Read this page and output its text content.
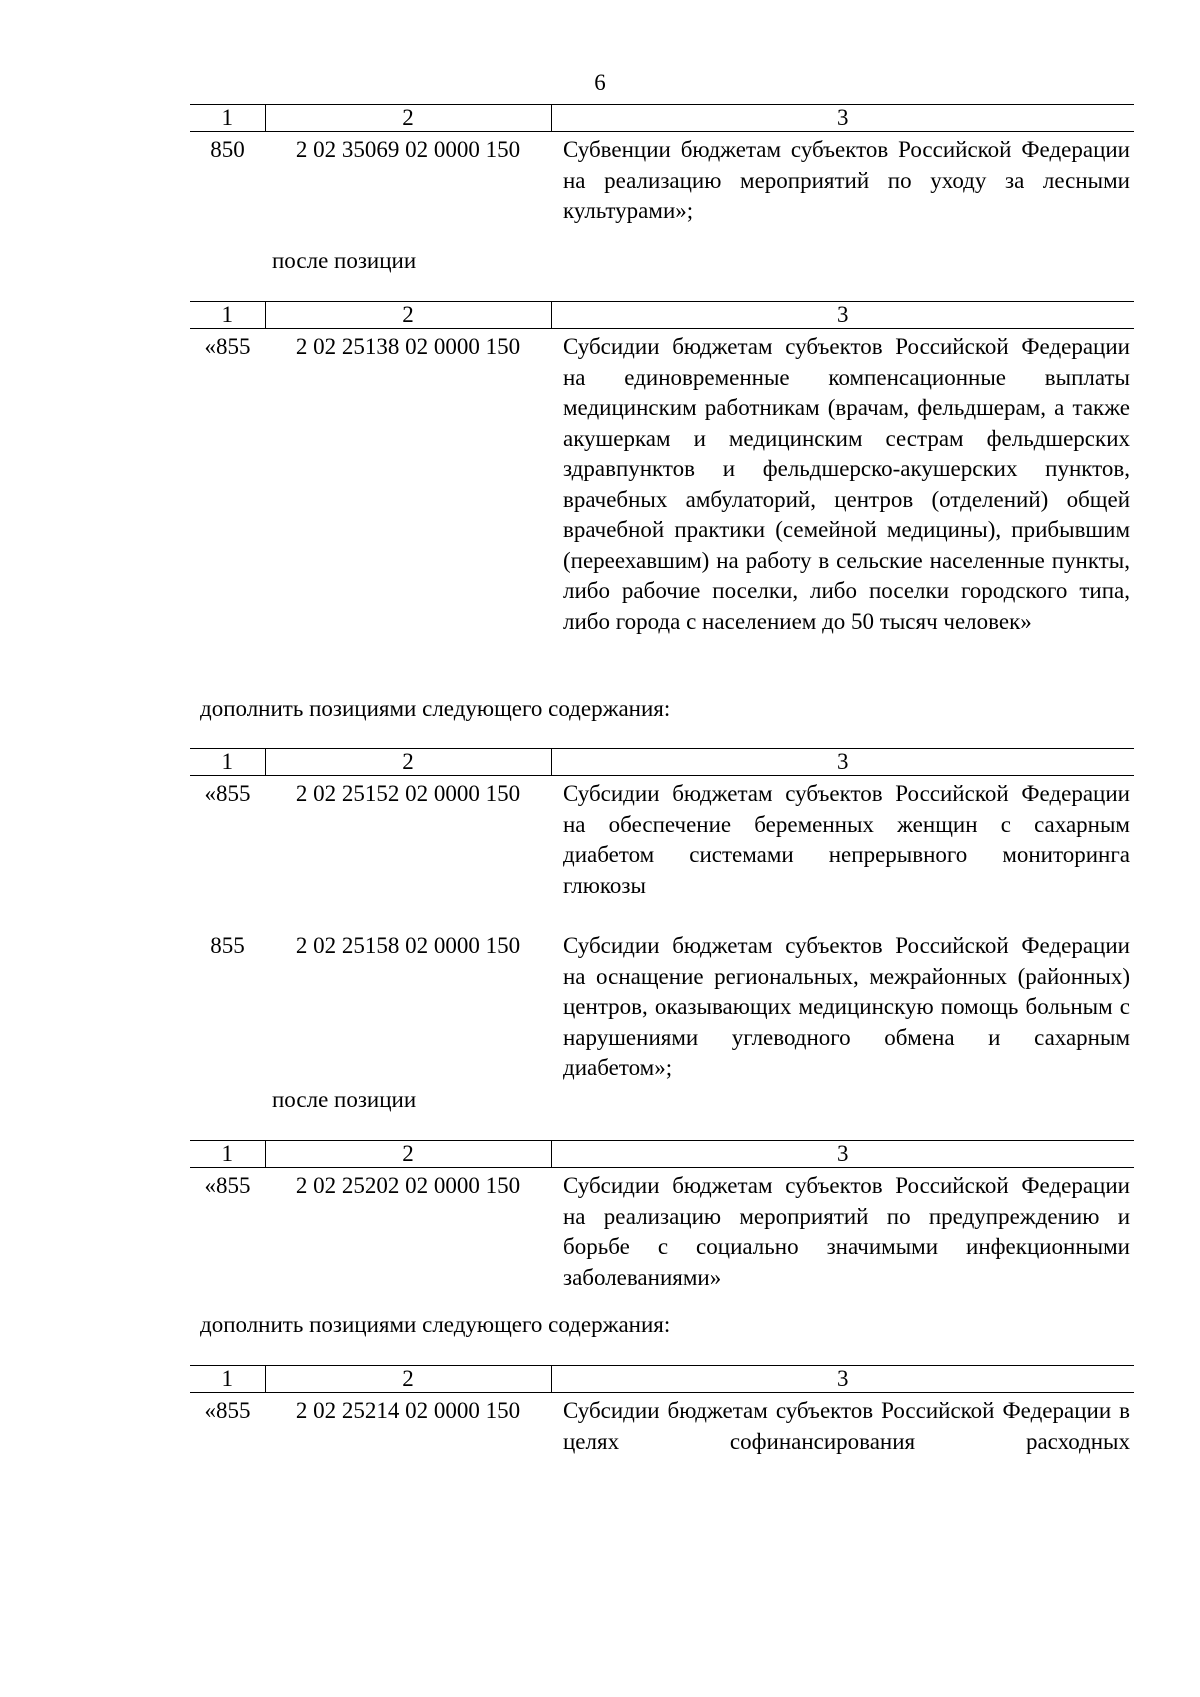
6
1	2	3
850	2 02 35069 02 0000 150	Субвенции бюджетам субъектов Российской Федерации на реализацию мероприятий по уходу за лесными культурами»;
после позиции
1	2	3
«855	2 02 25138 02 0000 150	Субсидии бюджетам субъектов Российской Федерации на единовременные компенсационные выплаты медицинским работникам (врачам, фельдшерам, а также акушеркам и медицинским сестрам фельдшерских здравпунктов и фельдшерско-акушерских пунктов, врачебных амбулаторий, центров (отделений) общей врачебной практики (семейной медицины), прибывшим (переехавшим) на работу в сельские населенные пункты, либо рабочие поселки, либо поселки городского типа, либо города с населением до 50 тысяч человек»
дополнить позициями следующего содержания:
1	2	3
«855	2 02 25152 02 0000 150	Субсидии бюджетам субъектов Российской Федерации на обеспечение беременных женщин с сахарным диабетом системами непрерывного мониторинга глюкозы
855	2 02 25158 02 0000 150	Субсидии бюджетам субъектов Российской Федерации на оснащение региональных, межрайонных (районных) центров, оказывающих медицинскую помощь больным с нарушениями углеводного обмена и сахарным диабетом»;
после позиции
1	2	3
«855	2 02 25202 02 0000 150	Субсидии бюджетам субъектов Российской Федерации на реализацию мероприятий по предупреждению и борьбе с социально значимыми инфекционными заболеваниями»
дополнить позициями следующего содержания:
1	2	3
«855	2 02 25214 02 0000 150	Субсидии бюджетам субъектов Российской Федерации в целях софинансирования расходных
